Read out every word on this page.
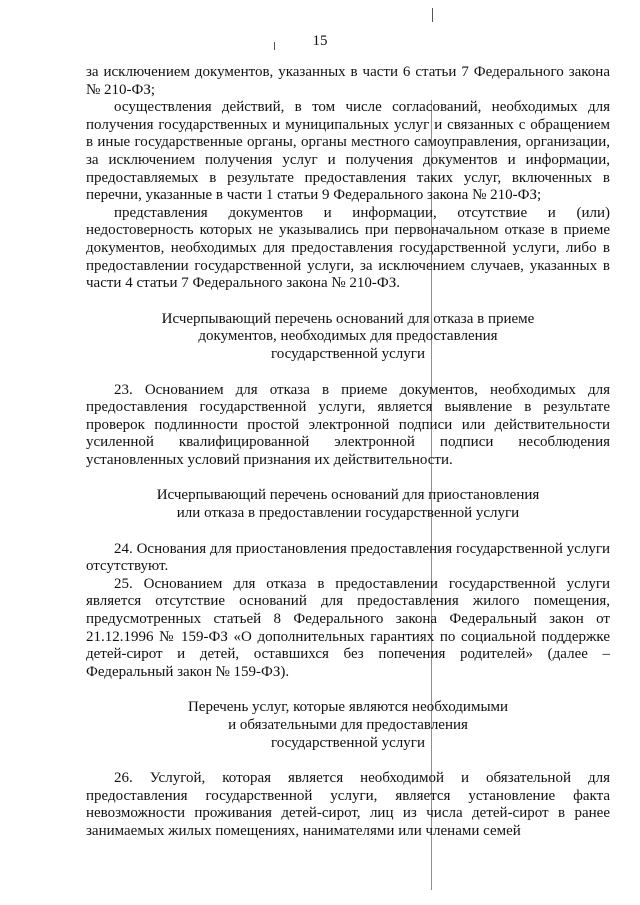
15

за исключением документов, указанных в части 6 статьи 7 Федерального закона № 210-ФЗ;

осуществления действий, в том числе согласований, необходимых для получения государственных и муниципальных услуг и связанных с обращением в иные государственные органы, органы местного самоуправления, организации, за исключением получения услуг и получения документов и информации, предоставляемых в результате предоставления таких услуг, включенных в перечни, указанные в части 1 статьи 9 Федерального закона № 210-ФЗ;

представления документов и информации, отсутствие и (или) недостоверность которых не указывались при первоначальном отказе в приеме документов, необходимых для предоставления государственной услуги, либо в предоставлении государственной услуги, за исключением случаев, указанных в части 4 статьи 7 Федерального закона № 210-ФЗ.

Исчерпывающий перечень оснований для отказа в приеме

документов, необходимых для предоставления

государственной услуги

23. Основанием для отказа в приеме документов, необходимых для предоставления государственной услуги, является выявление в результате проверок подлинности простой электронной подписи или действительности усиленной квалифицированной электронной подписи несоблюдения установленных условий признания их действительности.

Исчерпывающий перечень оснований для приостановления

или отказа в предоставлении государственной услуги

24. Основания для приостановления предоставления государственной услуги отсутствуют.

25. Основанием для отказа в предоставлении государственной услуги является отсутствие оснований для предоставления жилого помещения, предусмотренных статьей 8 Федерального закона Федеральный закон от 21.12.1996 № 159-ФЗ «О дополнительных гарантиях по социальной поддержке детей-сирот и детей, оставшихся без попечения родителей» (далее – Федеральный закон № 159-ФЗ).

Перечень услуг, которые являются необходимыми

и обязательными для предоставления

государственной услуги

26. Услугой, которая является необходимой и обязательной для предоставления государственной услуги, является установление факта невозможности проживания детей-сирот, лиц из числа детей-сирот в ранее занимаемых жилых помещениях, нанимателями или членами семей
